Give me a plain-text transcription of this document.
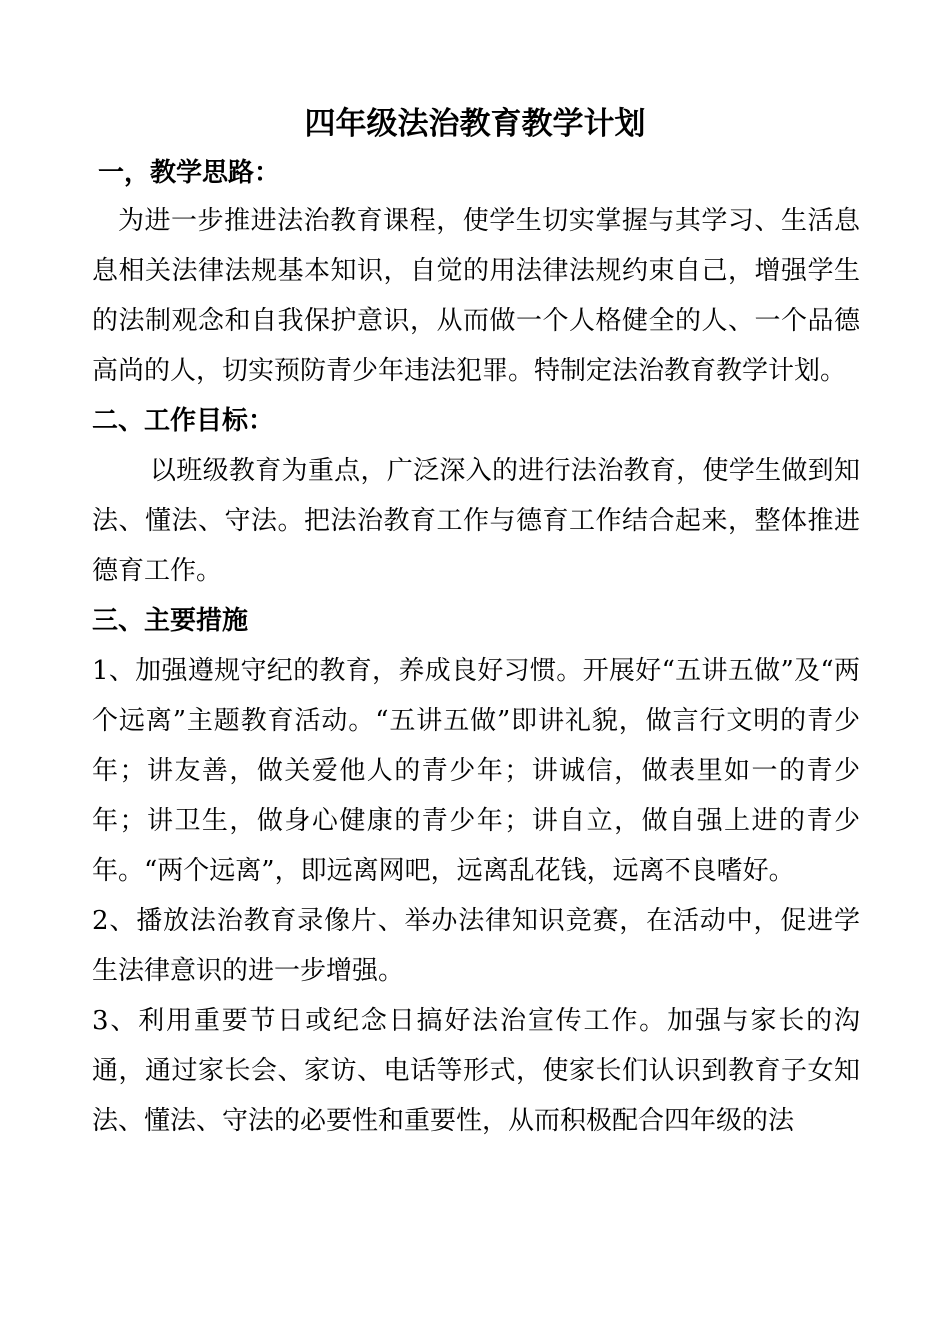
四年级法治教育教学计划

一，教学思路：

为进一步推进法治教育课程，使学生切实掌握与其学习、生活息息相关法律法规基本知识，自觉的用法律法规约束自己，增强学生的法制观念和自我保护意识，从而做一个人格健全的人、一个品德高尚的人，切实预防青少年违法犯罪。特制定法治教育教学计划。

二、工作目标：

以班级教育为重点，广泛深入的进行法治教育，使学生做到知法、懂法、守法。把法治教育工作与德育工作结合起来，整体推进德育工作。

三、主要措施

1、加强遵规守纪的教育，养成良好习惯。开展好“五讲五做”及“两个远离”主题教育活动。“五讲五做”即讲礼貌，做言行文明的青少年；讲友善，做关爱他人的青少年；讲诚信，做表里如一的青少年；讲卫生，做身心健康的青少年；讲自立，做自强上进的青少年。“两个远离”，即远离网吧，远离乱花钱，远离不良嗜好。

2、播放法治教育录像片、举办法律知识竞赛，在活动中，促进学生法律意识的进一步增强。

3、利用重要节日或纪念日搞好法治宣传工作。加强与家长的沟通，通过家长会、家访、电话等形式，使家长们认识到教育子女知法、懂法、守法的必要性和重要性，从而积极配合四年级的法
